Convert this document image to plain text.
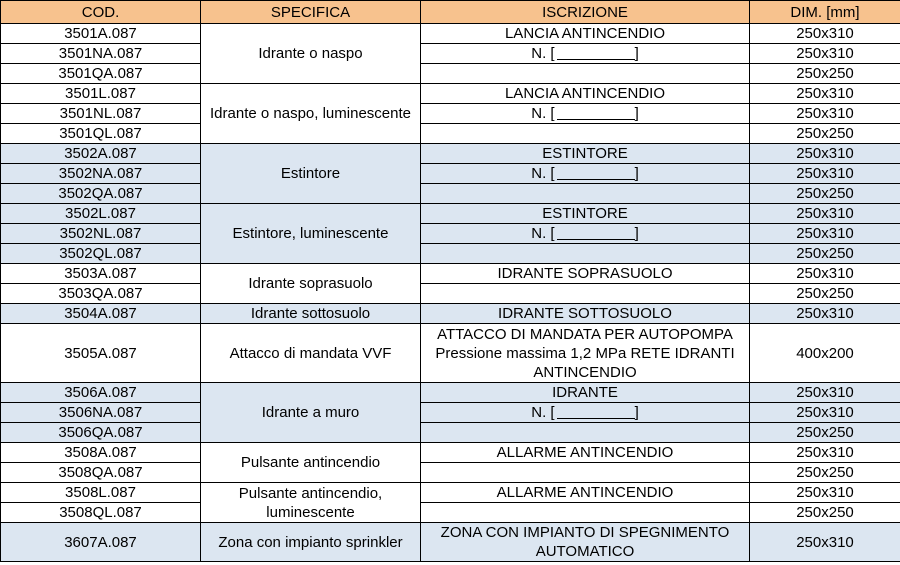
COD.	SPECIFICA	ISCRIZIONE	DIM. [mm]
3501A.087	Idrante o naspo	LANCIA ANTINCENDIO	250x310
3501NA.087		N. [ ]	250x310
3501QA.087			250x250
3501L.087	Idrante o naspo, luminescente	LANCIA ANTINCENDIO	250x310
3501NL.087		N. [ ]	250x310
3501QL.087			250x250
3502A.087	Estintore	ESTINTORE	250x310
3502NA.087		N. [ ]	250x310
3502QA.087			250x250
3502L.087	Estintore, luminescente	ESTINTORE	250x310
3502NL.087		N. [ ]	250x310
3502QL.087			250x250
3503A.087	Idrante soprasuolo	IDRANTE SOPRASUOLO	250x310
3503QA.087			250x250
3504A.087	Idrante sottosuolo	IDRANTE SOTTOSUOLO	250x310
3505A.087	Attacco di mandata VVF	ATTACCO DI MANDATA PER AUTOPOMPA Pressione massima 1,2 MPa RETE IDRANTI ANTINCENDIO	400x200
3506A.087	Idrante a muro	IDRANTE	250x310
3506NA.087		N. [ ]	250x310
3506QA.087			250x250
3508A.087	Pulsante antincendio	ALLARME ANTINCENDIO	250x310
3508QA.087			250x250
3508L.087	Pulsante antincendio, luminescente	ALLARME ANTINCENDIO	250x310
3508QL.087			250x250
3607A.087	Zona con impianto sprinkler	ZONA CON IMPIANTO DI SPEGNIMENTO AUTOMATICO	250x310
